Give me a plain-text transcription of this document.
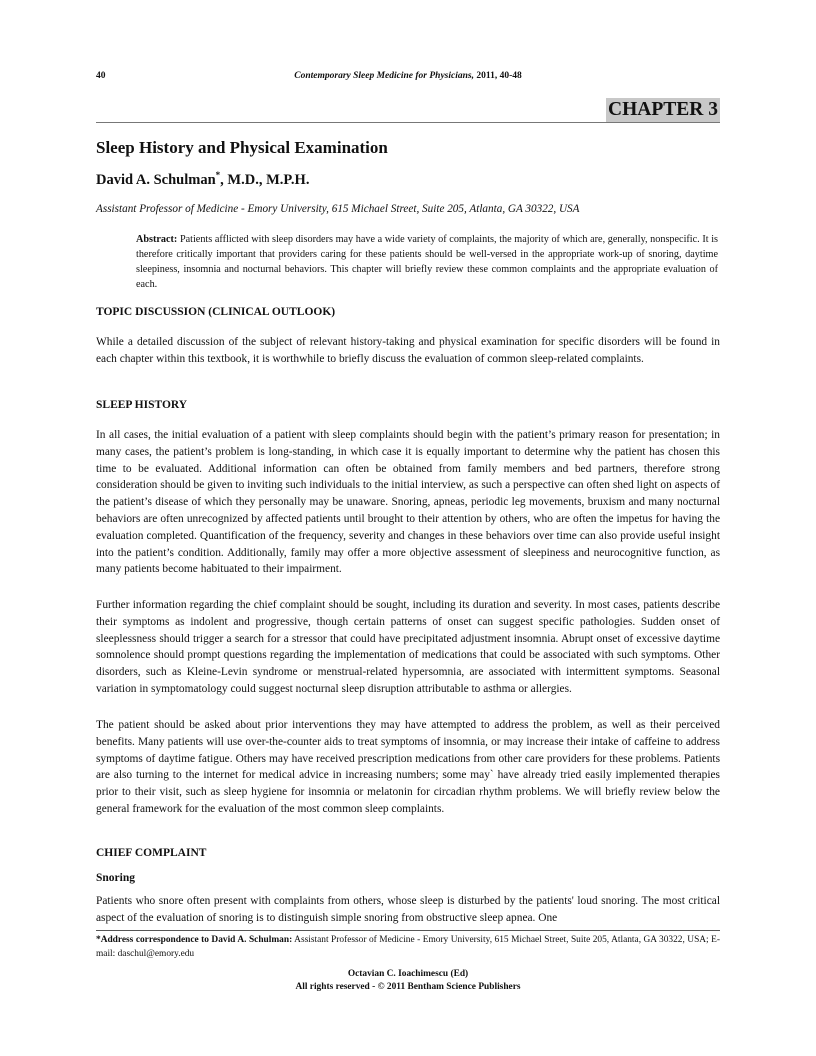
40	Contemporary Sleep Medicine for Physicians, 2011, 40-48
CHAPTER 3
Sleep History and Physical Examination
David A. Schulman*, M.D., M.P.H.
Assistant Professor of Medicine - Emory University, 615 Michael Street, Suite 205, Atlanta, GA 30322, USA
Abstract: Patients afflicted with sleep disorders may have a wide variety of complaints, the majority of which are, generally, nonspecific. It is therefore critically important that providers caring for these patients should be well-versed in the appropriate work-up of snoring, daytime sleepiness, insomnia and nocturnal behaviors. This chapter will briefly review these common complaints and the appropriate evaluation of each.
TOPIC DISCUSSION (CLINICAL OUTLOOK)
While a detailed discussion of the subject of relevant history-taking and physical examination for specific disorders will be found in each chapter within this textbook, it is worthwhile to briefly discuss the evaluation of common sleep-related complaints.
SLEEP HISTORY
In all cases, the initial evaluation of a patient with sleep complaints should begin with the patient’s primary reason for presentation; in many cases, the patient’s problem is long-standing, in which case it is equally important to determine why the patient has chosen this time to be evaluated. Additional information can often be obtained from family members and bed partners, therefore strong consideration should be given to inviting such individuals to the initial interview, as such a perspective can often shed light on aspects of the patient’s disease of which they personally may be unaware. Snoring, apneas, periodic leg movements, bruxism and many nocturnal behaviors are often unrecognized by affected patients until brought to their attention by others, who are often the impetus for having the evaluation completed. Quantification of the frequency, severity and changes in these behaviors over time can also provide useful insight into the patient’s condition. Additionally, family may offer a more objective assessment of sleepiness and neurocognitive function, as many patients become habituated to their impairment.
Further information regarding the chief complaint should be sought, including its duration and severity. In most cases, patients describe their symptoms as indolent and progressive, though certain patterns of onset can suggest specific pathologies. Sudden onset of sleeplessness should trigger a search for a stressor that could have precipitated adjustment insomnia. Abrupt onset of excessive daytime somnolence should prompt questions regarding the implementation of medications that could be associated with such symptoms. Other disorders, such as Kleine-Levin syndrome or menstrual-related hypersomnia, are associated with intermittent symptoms. Seasonal variation in symptomatology could suggest nocturnal sleep disruption attributable to asthma or allergies.
The patient should be asked about prior interventions they may have attempted to address the problem, as well as their perceived benefits. Many patients will use over-the-counter aids to treat symptoms of insomnia, or may increase their intake of caffeine to address symptoms of daytime fatigue. Others may have received prescription medications from other care providers for these problems. Patients are also turning to the internet for medical advice in increasing numbers; some may` have already tried easily implemented therapies prior to their visit, such as sleep hygiene for insomnia or melatonin for circadian rhythm problems. We will briefly review below the general framework for the evaluation of the most common sleep complaints.
CHIEF COMPLAINT
Snoring
Patients who snore often present with complaints from others, whose sleep is disturbed by the patients' loud snoring. The most critical aspect of the evaluation of snoring is to distinguish simple snoring from obstructive sleep apnea. One
*Address correspondence to David A. Schulman: Assistant Professor of Medicine - Emory University, 615 Michael Street, Suite 205, Atlanta, GA 30322, USA; E-mail: daschul@emory.edu
Octavian C. Ioachimescu (Ed)
All rights reserved - © 2011 Bentham Science Publishers
